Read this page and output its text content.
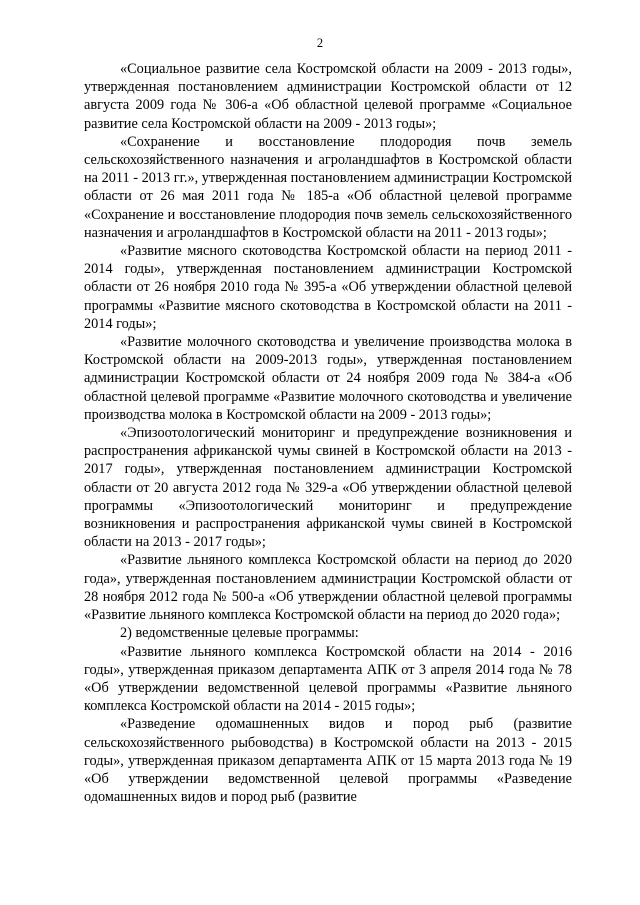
2

«Социальное развитие села Костромской области на 2009 - 2013 годы», утвержденная постановлением администрации Костромской области от 12 августа 2009 года № 306-а «Об областной целевой программе «Социальное развитие села Костромской области на 2009 - 2013 годы»;

«Сохранение и восстановление плодородия почв земель сельскохозяйственного назначения и агроландшафтов в Костромской области на 2011 - 2013 гг.», утвержденная постановлением администрации Костромской области от 26 мая 2011 года № 185-а «Об областной целевой программе «Сохранение и восстановление плодородия почв земель сельскохозяйственного назначения и агроландшафтов в Костромской области на 2011 - 2013 годы»;

«Развитие мясного скотоводства Костромской области на период 2011 - 2014 годы», утвержденная постановлением администрации Костромской области от 26 ноября 2010 года № 395-а «Об утверждении областной целевой программы «Развитие мясного скотоводства в Костромской области на 2011 - 2014 годы»;

«Развитие молочного скотоводства и увеличение производства молока в Костромской области на 2009-2013 годы», утвержденная постановлением администрации Костромской области от 24 ноября 2009 года № 384-а «Об областной целевой программе «Развитие молочного скотоводства и увеличение производства молока в Костромской области на 2009 - 2013 годы»;

«Эпизоотологический мониторинг и предупреждение возникновения и распространения африканской чумы свиней в Костромской области на 2013 - 2017 годы», утвержденная постановлением администрации Костромской области от 20 августа 2012 года № 329-а «Об утверждении областной целевой программы «Эпизоотологический мониторинг и предупреждение возникновения и распространения африканской чумы свиней в Костромской области на 2013 - 2017 годы»;

«Развитие льняного комплекса Костромской области на период до 2020 года», утвержденная постановлением администрации Костромской области от 28 ноября 2012 года № 500-а «Об утверждении областной целевой программы «Развитие льняного комплекса Костромской области на период до 2020 года»;

2) ведомственные целевые программы:

«Развитие льняного комплекса Костромской области на 2014 - 2016 годы», утвержденная приказом департамента АПК от 3 апреля 2014 года № 78 «Об утверждении ведомственной целевой программы «Развитие льняного комплекса Костромской области на 2014 - 2015 годы»;

«Разведение одомашненных видов и пород рыб (развитие сельскохозяйственного рыбоводства) в Костромской области на 2013 - 2015 годы», утвержденная приказом департамента АПК от 15 марта 2013 года № 19 «Об утверждении ведомственной целевой программы «Разведение одомашненных видов и пород рыб (развитие
